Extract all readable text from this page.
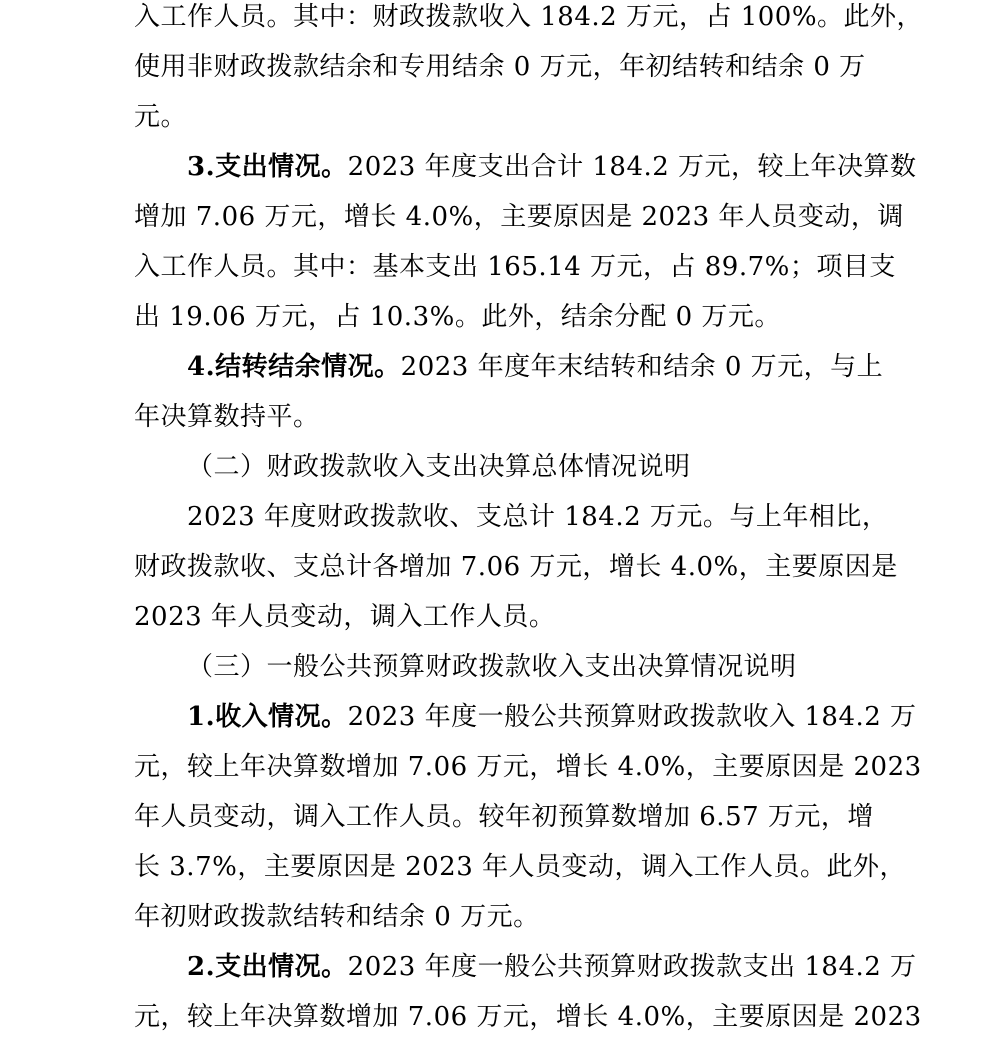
入工作人员。其中：财政拨款收入 184.2 万元，占 100%。此外，
使用非财政拨款结余和专用结余 0 万元，年初结转和结余 0 万
元。
3.支出情况。2023 年度支出合计 184.2 万元，较上年决算数
增加 7.06 万元，增长 4.0%，主要原因是 2023 年人员变动，调
入工作人员。其中：基本支出 165.14 万元，占 89.7%；项目支
出 19.06 万元，占 10.3%。此外，结余分配 0 万元。
4.结转结余情况。2023 年度年末结转和结余 0 万元，与上
年决算数持平。
（二）财政拨款收入支出决算总体情况说明
2023 年度财政拨款收、支总计 184.2 万元。与上年相比，
财政拨款收、支总计各增加 7.06 万元，增长 4.0%，主要原因是
2023 年人员变动，调入工作人员。
（三）一般公共预算财政拨款收入支出决算情况说明
1.收入情况。2023 年度一般公共预算财政拨款收入 184.2 万
元，较上年决算数增加 7.06 万元，增长 4.0%，主要原因是 2023
年人员变动，调入工作人员。较年初预算数增加 6.57 万元，增
长 3.7%，主要原因是 2023 年人员变动，调入工作人员。此外，
年初财政拨款结转和结余 0 万元。
2.支出情况。2023 年度一般公共预算财政拨款支出 184.2 万
元，较上年决算数增加 7.06 万元，增长 4.0%，主要原因是 2023
